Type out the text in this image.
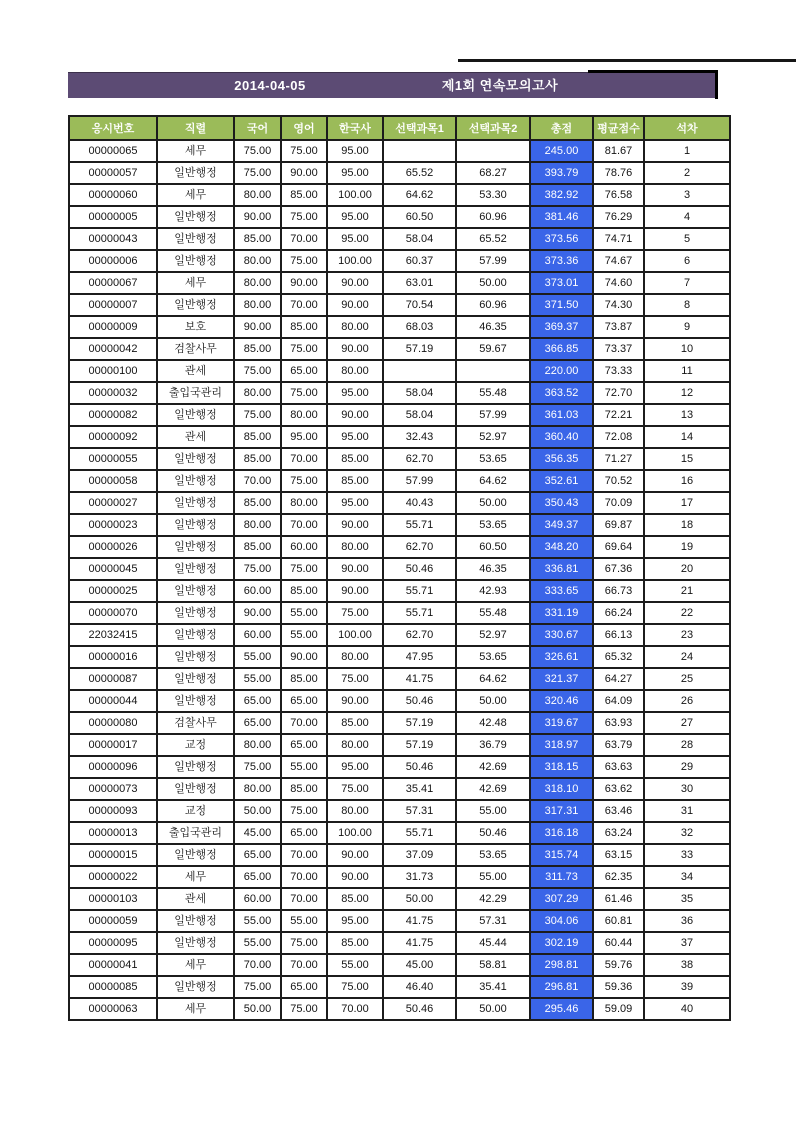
2014-04-05	제1회 연속모의고사
응시번호	직렬	국어	영어	한국사	선택과목1	선택과목2	총점	평균점수	석차
00000065	세무	75.00	75.00	95.00			245.00	81.67	1
00000057	일반행정	75.00	90.00	95.00	65.52	68.27	393.79	78.76	2
00000060	세무	80.00	85.00	100.00	64.62	53.30	382.92	76.58	3
00000005	일반행정	90.00	75.00	95.00	60.50	60.96	381.46	76.29	4
00000043	일반행정	85.00	70.00	95.00	58.04	65.52	373.56	74.71	5
00000006	일반행정	80.00	75.00	100.00	60.37	57.99	373.36	74.67	6
00000067	세무	80.00	90.00	90.00	63.01	50.00	373.01	74.60	7
00000007	일반행정	80.00	70.00	90.00	70.54	60.96	371.50	74.30	8
00000009	보호	90.00	85.00	80.00	68.03	46.35	369.37	73.87	9
00000042	검찰사무	85.00	75.00	90.00	57.19	59.67	366.85	73.37	10
00000100	관세	75.00	65.00	80.00			220.00	73.33	11
00000032	출입국관리	80.00	75.00	95.00	58.04	55.48	363.52	72.70	12
00000082	일반행정	75.00	80.00	90.00	58.04	57.99	361.03	72.21	13
00000092	관세	85.00	95.00	95.00	32.43	52.97	360.40	72.08	14
00000055	일반행정	85.00	70.00	85.00	62.70	53.65	356.35	71.27	15
00000058	일반행정	70.00	75.00	85.00	57.99	64.62	352.61	70.52	16
00000027	일반행정	85.00	80.00	95.00	40.43	50.00	350.43	70.09	17
00000023	일반행정	80.00	70.00	90.00	55.71	53.65	349.37	69.87	18
00000026	일반행정	85.00	60.00	80.00	62.70	60.50	348.20	69.64	19
00000045	일반행정	75.00	75.00	90.00	50.46	46.35	336.81	67.36	20
00000025	일반행정	60.00	85.00	90.00	55.71	42.93	333.65	66.73	21
00000070	일반행정	90.00	55.00	75.00	55.71	55.48	331.19	66.24	22
22032415	일반행정	60.00	55.00	100.00	62.70	52.97	330.67	66.13	23
00000016	일반행정	55.00	90.00	80.00	47.95	53.65	326.61	65.32	24
00000087	일반행정	55.00	85.00	75.00	41.75	64.62	321.37	64.27	25
00000044	일반행정	65.00	65.00	90.00	50.46	50.00	320.46	64.09	26
00000080	검찰사무	65.00	70.00	85.00	57.19	42.48	319.67	63.93	27
00000017	교정	80.00	65.00	80.00	57.19	36.79	318.97	63.79	28
00000096	일반행정	75.00	55.00	95.00	50.46	42.69	318.15	63.63	29
00000073	일반행정	80.00	85.00	75.00	35.41	42.69	318.10	63.62	30
00000093	교정	50.00	75.00	80.00	57.31	55.00	317.31	63.46	31
00000013	출입국관리	45.00	65.00	100.00	55.71	50.46	316.18	63.24	32
00000015	일반행정	65.00	70.00	90.00	37.09	53.65	315.74	63.15	33
00000022	세무	65.00	70.00	90.00	31.73	55.00	311.73	62.35	34
00000103	관세	60.00	70.00	85.00	50.00	42.29	307.29	61.46	35
00000059	일반행정	55.00	55.00	95.00	41.75	57.31	304.06	60.81	36
00000095	일반행정	55.00	75.00	85.00	41.75	45.44	302.19	60.44	37
00000041	세무	70.00	70.00	55.00	45.00	58.81	298.81	59.76	38
00000085	일반행정	75.00	65.00	75.00	46.40	35.41	296.81	59.36	39
00000063	세무	50.00	75.00	70.00	50.46	50.00	295.46	59.09	40
